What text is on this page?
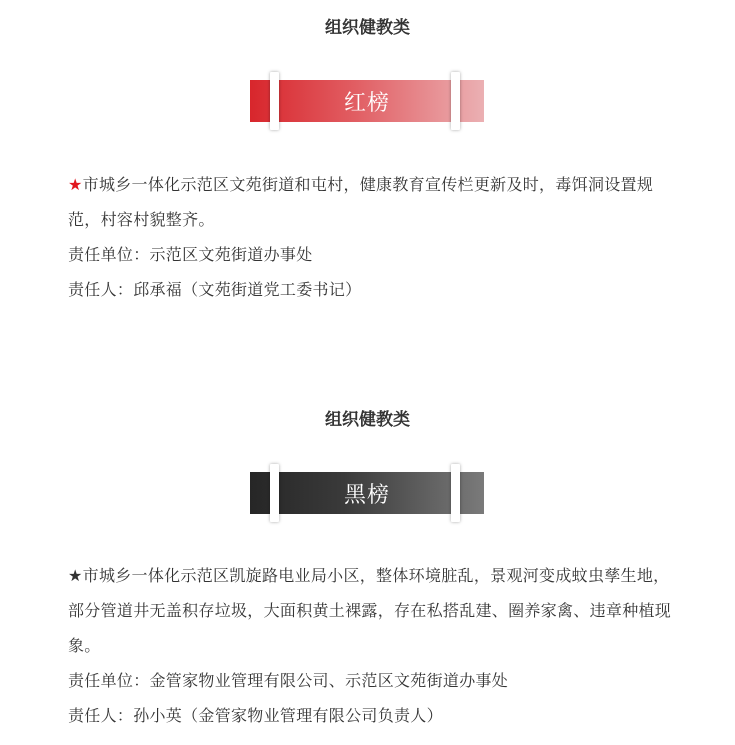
组织健教类
红榜

★市城乡一体化示范区文苑街道和屯村，健康教育宣传栏更新及时，毒饵洞设置规范，村容村貌整齐。

责任单位：示范区文苑街道办事处

责任人：邱承福（文苑街道党工委书记）

组织健教类
黑榜

★市城乡一体化示范区凯旋路电业局小区，整体环境脏乱，景观河变成蚊虫孳生地，部分管道井无盖积存垃圾，大面积黄土裸露，存在私搭乱建、圈养家禽、违章种植现象。

责任单位：金管家物业管理有限公司、示范区文苑街道办事处

责任人：孙小英（金管家物业管理有限公司负责人）
